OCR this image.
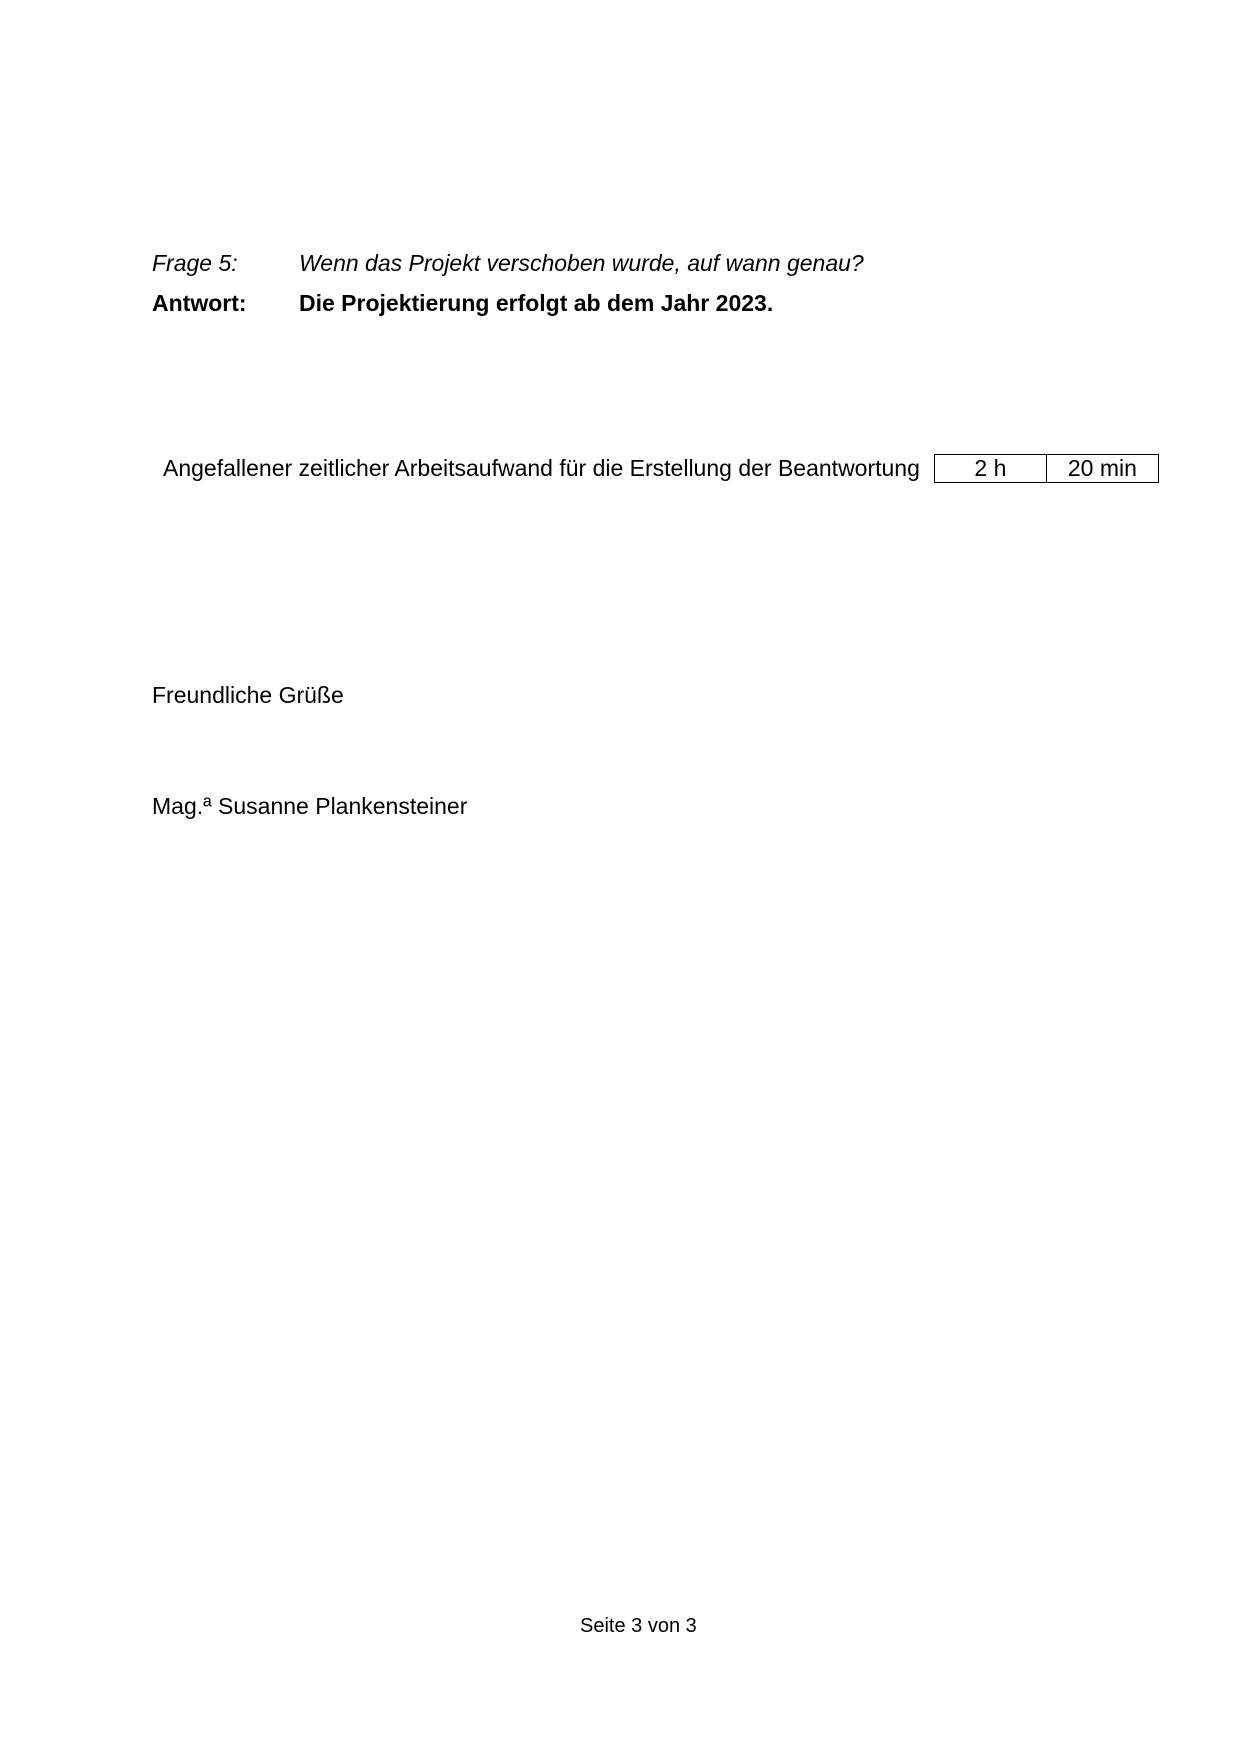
Frage 5:	Wenn das Projekt verschoben wurde, auf wann genau?
Antwort: Die Projektierung erfolgt ab dem Jahr 2023.
Angefallener zeitlicher Arbeitsaufwand für die Erstellung der Beantwortung	2 h	20 min
Freundliche Grüße
Mag.ª Susanne Plankensteiner
Seite 3 von 3
